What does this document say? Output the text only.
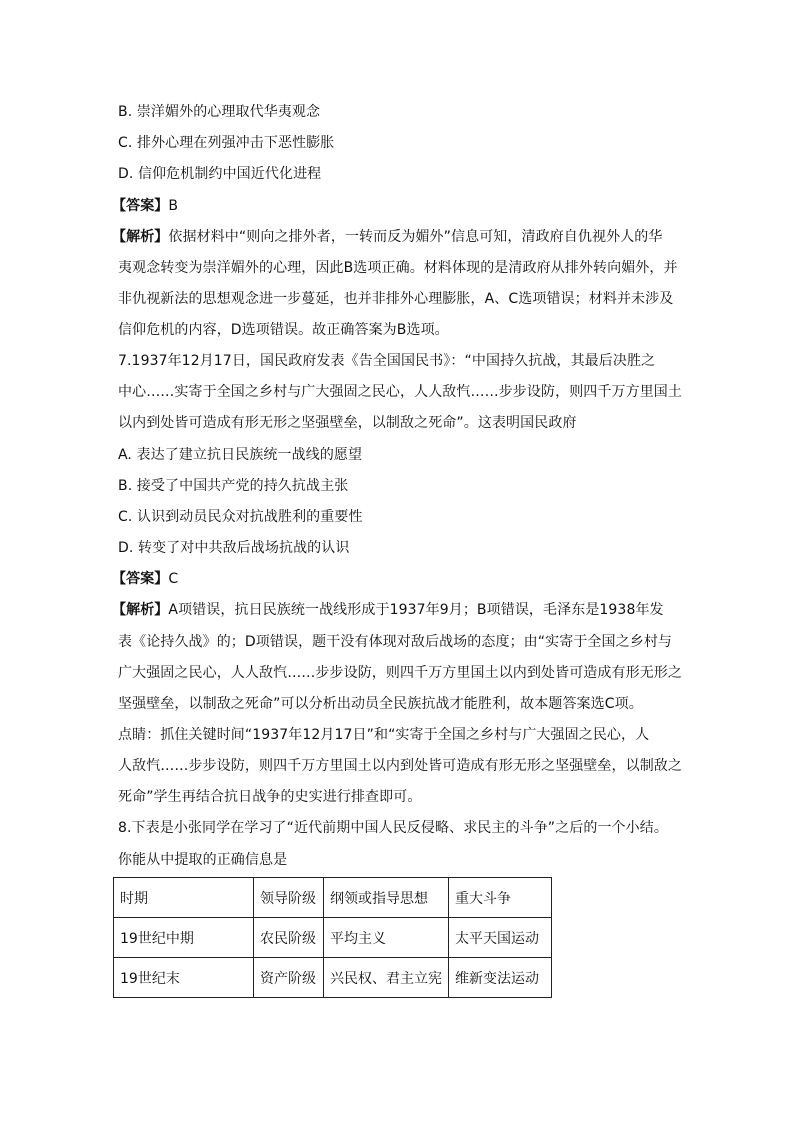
B. 崇洋媚外的心理取代华夷观念
C. 排外心理在列强冲击下恶性膨胀
D. 信仰危机制约中国近代化进程
【答案】B
【解析】依据材料中“则向之排外者，一转而反为媚外”信息可知，清政府自仇视外人的华
夷观念转变为崇洋媚外的心理，因此B选项正确。材料体现的是清政府从排外转向媚外，并
非仇视新法的思想观念进一步蔓延，也并非排外心理膨胀，A、C选项错误；材料并未涉及
信仰危机的内容，D选项错误。故正确答案为B选项。
7.1937年12月17日，国民政府发表《告全国国民书》：“中国持久抗战，其最后决胜之
中心……实寄于全国之乡村与广大强固之民心，人人敌忾……步步设防，则四千万方里国土
以内到处皆可造成有形无形之坚强壁垒，以制敌之死命”。这表明国民政府
A. 表达了建立抗日民族统一战线的愿望
B. 接受了中国共产党的持久抗战主张
C. 认识到动员民众对抗战胜利的重要性
D. 转变了对中共敌后战场抗战的认识
【答案】C
【解析】A项错误，抗日民族统一战线形成于1937年9月；B项错误，毛泽东是1938年发
表《论持久战》的；D项错误，题干没有体现对敌后战场的态度；由“实寄于全国之乡村与
广大强固之民心，人人敌忾……步步设防，则四千万方里国土以内到处皆可造成有形无形之
坚强壁垒，以制敌之死命”可以分析出动员全民族抗战才能胜利，故本题答案选C项。
点睛：抓住关键时间“1937年12月17日”和“实寄于全国之乡村与广大强固之民心，人
人敌忾……步步设防，则四千万方里国土以内到处皆可造成有形无形之坚强壁垒，以制敌之
死命”学生再结合抗日战争的史实进行排查即可。
8.下表是小张同学在学习了“近代前期中国人民反侵略、求民主的斗争”之后的一个小结。
你能从中提取的正确信息是
时期	领导阶级	纲领或指导思想	重大斗争
19世纪中期	农民阶级	平均主义	太平天国运动
19世纪末	资产阶级	兴民权、君主立宪	维新变法运动
